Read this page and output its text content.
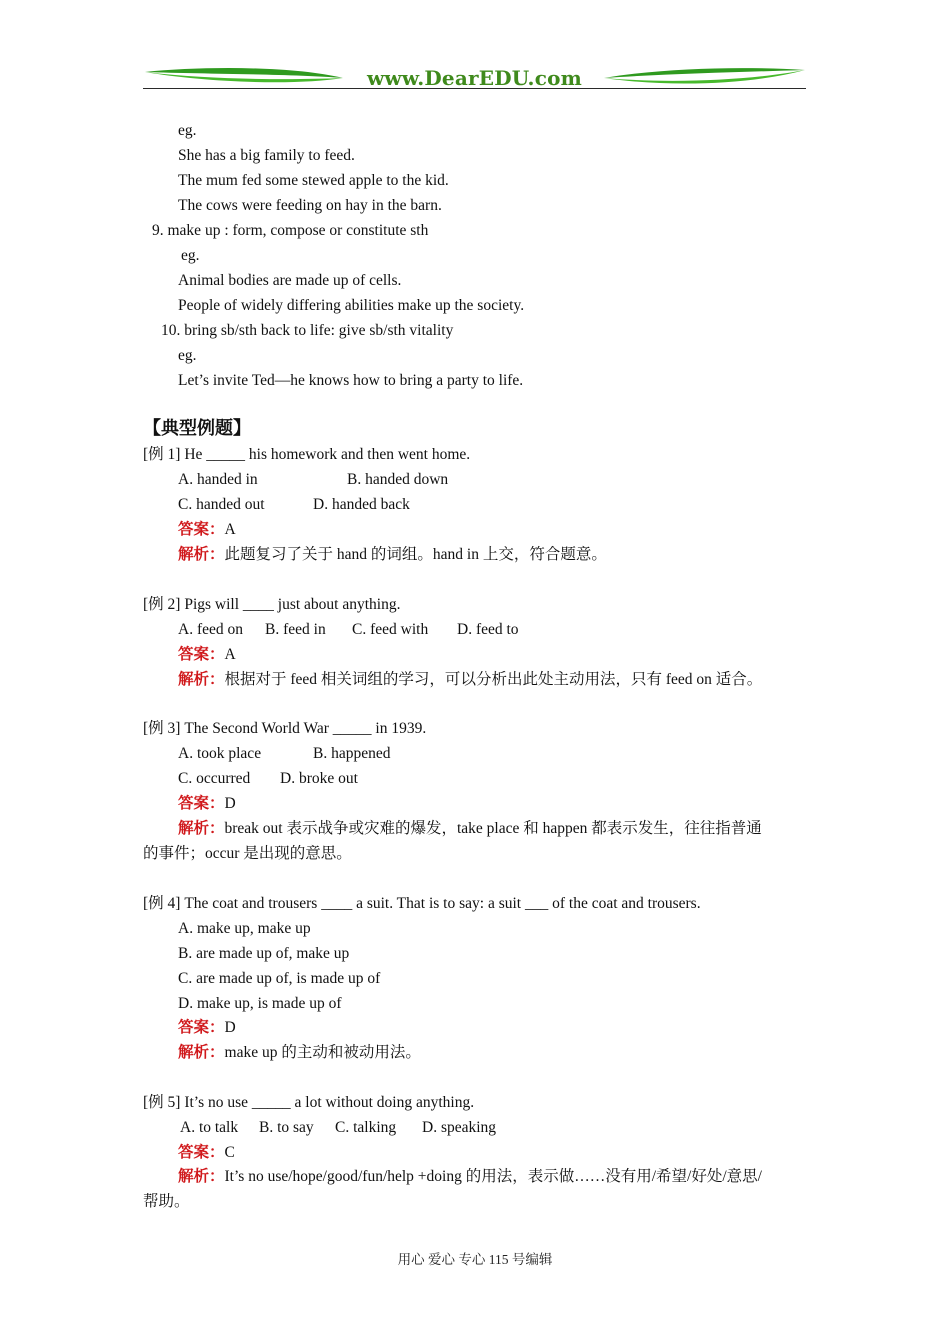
www.DearEDU.com
eg.
She has a big family to feed.
The mum fed some stewed apple to the kid.
The cows were feeding on hay in the barn.
9. make up : form, compose or constitute sth
eg.
Animal bodies are made up of cells.
People of widely differing abilities make up the society.
10. bring sb/sth back to life: give sb/sth vitality
eg.
Let’s invite Ted—he knows how to bring a party to life.
【典型例题】
[例 1] He _____ his homework and then went home.
A. handed in	B. handed down
C. handed out	D. handed back
答案：A
解析：此题复习了关于 hand 的词组。hand in 上交，符合题意。
[例 2] Pigs will ____ just about anything.
A. feed on B. feed in C. feed with D. feed to
答案：A
解析：根据对于 feed 相关词组的学习，可以分析出此处主动用法，只有 feed on 适合。
[例 3] The Second World War _____ in 1939.
A. took place	B. happened
C. occurred D. broke out
答案：D
解析：break out 表示战争或灾难的爆发，take place 和 happen 都表示发生，往往指普通
的事件；occur 是出现的意思。
[例 4] The coat and trousers ____ a suit. That is to say: a suit ___ of the coat and trousers.
A. make up, make up
B. are made up of, make up
C. are made up of, is made up of
D. make up, is made up of
答案：D
解析：make up 的主动和被动用法。
[例 5] It’s no use _____ a lot without doing anything.
A. to talk B. to say C. talking D. speaking
答案：C
解析：It’s no use/hope/good/fun/help +doing 的用法，表示做……没有用/希望/好处/意思/
帮助。
用心 爱心 专心 115 号编辑
